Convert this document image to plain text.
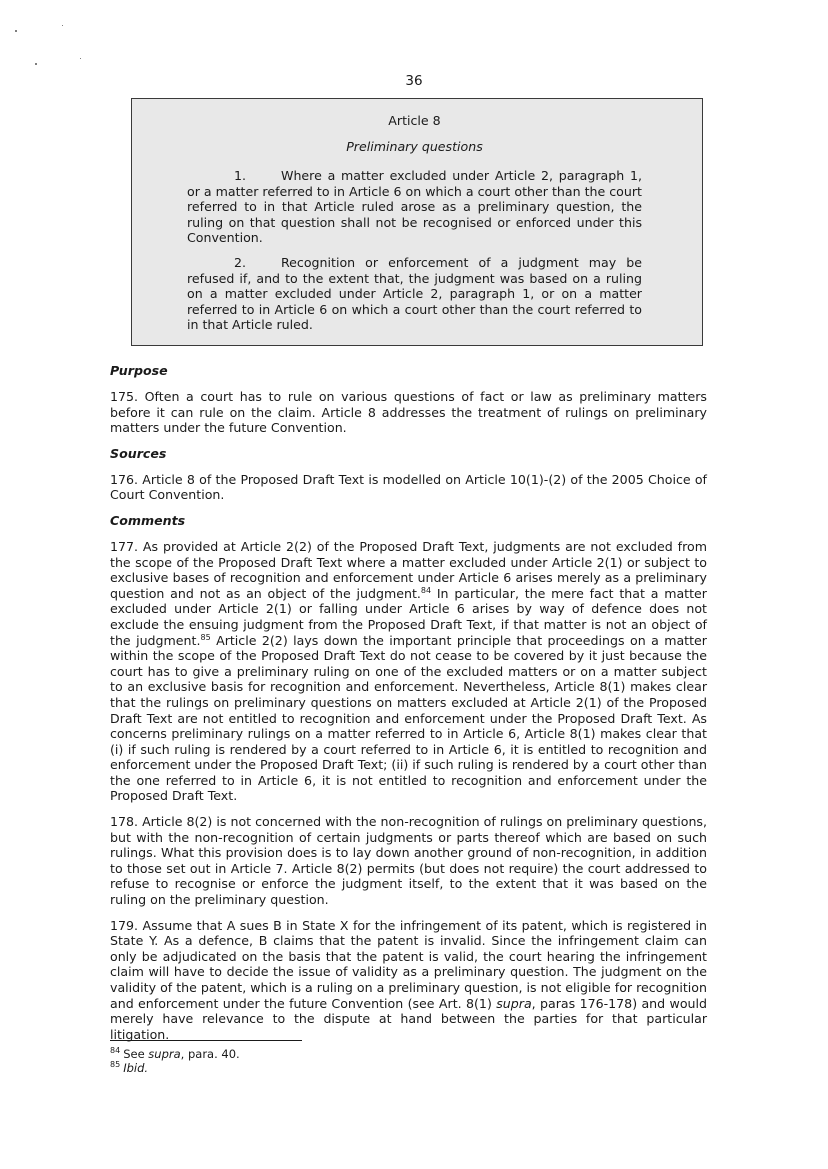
36
Article 8
Preliminary questions
1.	Where a matter excluded under Article 2, paragraph 1, or a matter referred to in Article 6 on which a court other than the court referred to in that Article ruled arose as a preliminary question, the ruling on that question shall not be recognised or enforced under this Convention.
2.	Recognition or enforcement of a judgment may be refused if, and to the extent that, the judgment was based on a ruling on a matter excluded under Article 2, paragraph 1, or on a matter referred to in Article 6 on which a court other than the court referred to in that Article ruled.
Purpose
175. Often a court has to rule on various questions of fact or law as preliminary matters before it can rule on the claim. Article 8 addresses the treatment of rulings on preliminary matters under the future Convention.
Sources
176. Article 8 of the Proposed Draft Text is modelled on Article 10(1)-(2) of the 2005 Choice of Court Convention.
Comments
177. As provided at Article 2(2) of the Proposed Draft Text, judgments are not excluded from the scope of the Proposed Draft Text where a matter excluded under Article 2(1) or subject to exclusive bases of recognition and enforcement under Article 6 arises merely as a preliminary question and not as an object of the judgment.$^{84}$ In particular, the mere fact that a matter excluded under Article 2(1) or falling under Article 6 arises by way of defence does not exclude the ensuing judgment from the Proposed Draft Text, if that matter is not an object of the judgment.$^{85}$ Article 2(2) lays down the important principle that proceedings on a matter within the scope of the Proposed Draft Text do not cease to be covered by it just because the court has to give a preliminary ruling on one of the excluded matters or on a matter subject to an exclusive basis for recognition and enforcement. Nevertheless, Article 8(1) makes clear that the rulings on preliminary questions on matters excluded at Article 2(1) of the Proposed Draft Text are not entitled to recognition and enforcement under the Proposed Draft Text. As concerns preliminary rulings on a matter referred to in Article 6, Article 8(1) makes clear that (i) if such ruling is rendered by a court referred to in Article 6, it is entitled to recognition and enforcement under the Proposed Draft Text; (ii) if such ruling is rendered by a court other than the one referred to in Article 6, it is not entitled to recognition and enforcement under the Proposed Draft Text.
178. Article 8(2) is not concerned with the non-recognition of rulings on preliminary questions, but with the non-recognition of certain judgments or parts thereof which are based on such rulings. What this provision does is to lay down another ground of non-recognition, in addition to those set out in Article 7. Article 8(2) permits (but does not require) the court addressed to refuse to recognise or enforce the judgment itself, to the extent that it was based on the ruling on the preliminary question.
179. Assume that A sues B in State X for the infringement of its patent, which is registered in State Y. As a defence, B claims that the patent is invalid. Since the infringement claim can only be adjudicated on the basis that the patent is valid, the court hearing the infringement claim will have to decide the issue of validity as a preliminary question. The judgment on the validity of the patent, which is a ruling on a preliminary question, is not eligible for recognition and enforcement under the future Convention (see Art. 8(1) supra, paras 176-178) and would merely have relevance to the dispute at hand between the parties for that particular litigation.
$^{84}$ See supra, para. 40.
$^{85}$ Ibid.
